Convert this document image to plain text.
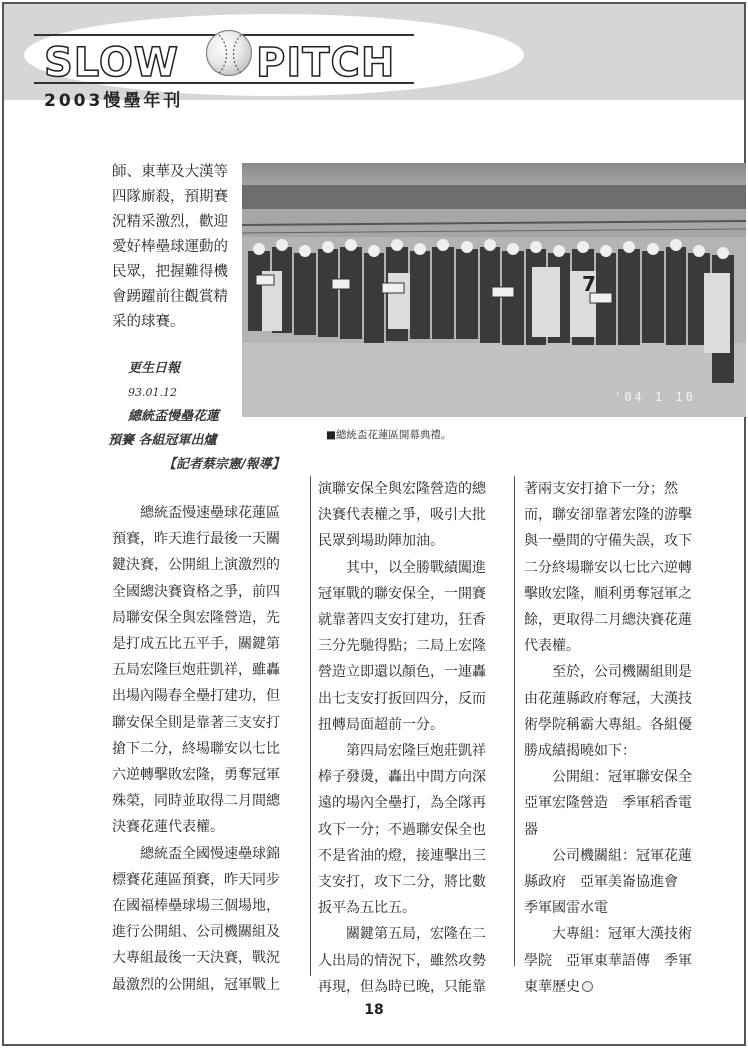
SLOW PITCH
2003慢壘年刊
師、東華及大漢等
四隊廝殺，預期賽
況精采激烈，歡迎
愛好棒壘球運動的
民眾，把握難得機
會踴躍前往觀賞精
采的球賽。
7
'04 1 10
■總統盃花蓮區開幕典禮。
更生日報
93.01.12
總統盃慢壘花蓮
預賽 各組冠軍出爐
【記者蔡宗憲/報導】

總統盃慢速壘球花蓮區

預賽，昨天進行最後一天關

鍵決賽，公開組上演激烈的

全國總決賽資格之爭，前四

局聯安保全與宏隆營造，先

是打成五比五平手，關鍵第

五局宏隆巨炮莊凱祥，雖轟

出場內陽春全壘打建功，但

聯安保全則是靠著三支安打

搶下二分，終場聯安以七比

六逆轉擊敗宏隆，勇奪冠軍

殊榮，同時並取得二月間總

決賽花蓮代表權。

總統盃全國慢速壘球錦

標賽花蓮區預賽，昨天同步

在國福棒壘球場三個場地，

進行公開組、公司機關組及

大專組最後一天決賽，戰況

最激烈的公開組，冠軍戰上

演聯安保全與宏隆營造的總

決賽代表權之爭，吸引大批

民眾到場助陣加油。

其中，以全勝戰績闖進

冠軍戰的聯安保全，一開賽

就靠著四支安打建功，狂香

三分先馳得點；二局上宏隆

營造立即還以顏色，一連轟

出七支安打扳回四分，反而

扭轉局面超前一分。

第四局宏隆巨炮莊凱祥

棒子發燙，轟出中間方向深

遠的場內全壘打，為全隊再

攻下一分；不過聯安保全也

不是省油的燈，接連擊出三

支安打，攻下二分，將比數

扳平為五比五。

關鍵第五局，宏隆在二

人出局的情況下，雖然攻勢

再現，但為時已晚，只能靠

著兩支安打搶下一分；然

而，聯安卻靠著宏隆的游擊

與一壘間的守備失誤，攻下

二分終場聯安以七比六逆轉

擊敗宏隆，順利勇奪冠軍之

餘，更取得二月總決賽花蓮

代表權。

至於，公司機關組則是

由花蓮縣政府奪冠，大漢技

術學院稱霸大專組。各組優

勝成績揭曉如下：

公開組：冠軍聯安保全

亞軍宏隆營造　季軍稻香電

器

公司機關組：冠軍花蓮

縣政府　亞軍美崙協進會

季軍國雷水電

大專組：冠軍大漢技術

學院　亞軍東華語傳　季軍

東華歷史

18
